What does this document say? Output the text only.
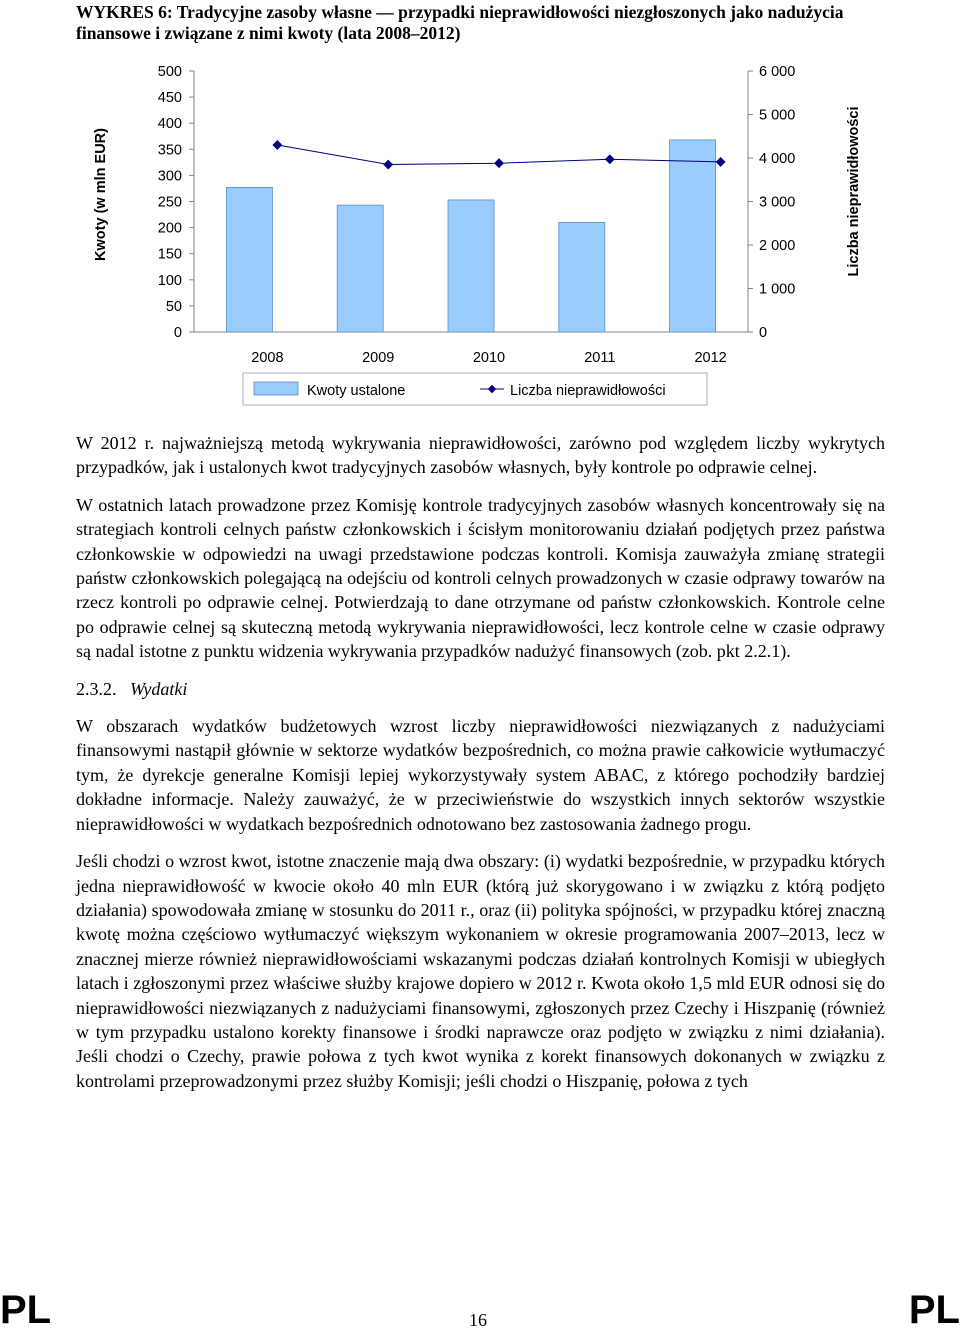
WYKRES 6: Tradycyjne zasoby własne — przypadki nieprawidłowości niezgłoszonych jako nadużycia finansowe i związane z nimi kwoty (lata 2008–2012)
0
50
100
150
200
250
300
350
400
450
500
Kwoty (w mln EUR)
0
1 000
2 000
3 000
4 000
5 000
6 000
Liczba nieprawidłowości
2008	2009	2010	2011	2012
Kwoty ustalone	Liczba nieprawidłowości

W 2012 r. najważniejszą metodą wykrywania nieprawidłowości, zarówno pod względem liczby wykrytych przypadków, jak i ustalonych kwot tradycyjnych zasobów własnych, były kontrole po odprawie celnej.

W ostatnich latach prowadzone przez Komisję kontrole tradycyjnych zasobów własnych koncentrowały się na strategiach kontroli celnych państw członkowskich i ścisłym monitorowaniu działań podjętych przez państwa członkowskie w odpowiedzi na uwagi przedstawione podczas kontroli. Komisja zauważyła zmianę strategii państw członkowskich polegającą na odejściu od kontroli celnych prowadzonych w czasie odprawy towarów na rzecz kontroli po odprawie celnej. Potwierdzają to dane otrzymane od państw członkowskich. Kontrole celne po odprawie celnej są skuteczną metodą wykrywania nieprawidłowości, lecz kontrole celne w czasie odprawy są nadal istotne z punktu widzenia wykrywania przypadków nadużyć finansowych (zob. pkt 2.2.1).

2.3.2. Wydatki

W obszarach wydatków budżetowych wzrost liczby nieprawidłowości niezwiązanych z nadużyciami finansowymi nastąpił głównie w sektorze wydatków bezpośrednich, co można prawie całkowicie wytłumaczyć tym, że dyrekcje generalne Komisji lepiej wykorzystywały system ABAC, z którego pochodziły bardziej dokładne informacje. Należy zauważyć, że w przeciwieństwie do wszystkich innych sektorów wszystkie nieprawidłowości w wydatkach bezpośrednich odnotowano bez zastosowania żadnego progu.

Jeśli chodzi o wzrost kwot, istotne znaczenie mają dwa obszary: (i) wydatki bezpośrednie, w przypadku których jedna nieprawidłowość w kwocie około 40 mln EUR (którą już skorygowano i w związku z którą podjęto działania) spowodowała zmianę w stosunku do 2011 r., oraz (ii) polityka spójności, w przypadku której znaczną kwotę można częściowo wytłumaczyć większym wykonaniem w okresie programowania 2007–2013, lecz w znacznej mierze również nieprawidłowościami wskazanymi podczas działań kontrolnych Komisji w ubiegłych latach i zgłoszonymi przez właściwe służby krajowe dopiero w 2012 r. Kwota około 1,5 mld EUR odnosi się do nieprawidłowości niezwiązanych z nadużyciami finansowymi, zgłoszonych przez Czechy i Hiszpanię (również w tym przypadku ustalono korekty finansowe i środki naprawcze oraz podjęto w związku z nimi działania). Jeśli chodzi o Czechy, prawie połowa z tych kwot wynika z korekt finansowych dokonanych w związku z kontrolami przeprowadzonymi przez służby Komisji; jeśli chodzi o Hiszpanię, połowa z tych

PL	16	PL
